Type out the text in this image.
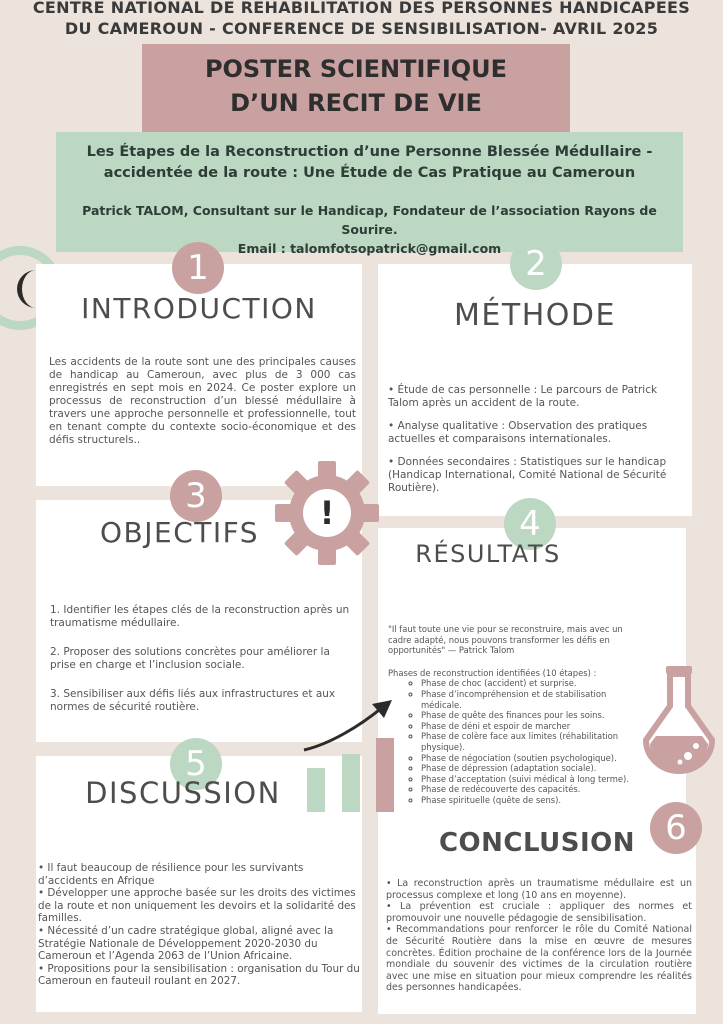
CENTRE NATIONAL DE REHABILITATION DES PERSONNES HANDICAPEES
DU CAMEROUN - CONFERENCE DE SENSIBILISATION- AVRIL 2025
POSTER SCIENTIFIQUE
D’UN RECIT DE VIE
Les Étapes de la Reconstruction d’une Personne Blessée Médullaire -
accidentée de la route : Une Étude de Cas Pratique au Cameroun
Patrick TALOM, Consultant sur le Handicap, Fondateur de l’association Rayons de Sourire.
Email : talomfotsopatrick@gmail.com
1
INTRODUCTION
Les accidents de la route sont une des principales causes de handicap au Cameroun, avec plus de 3 000 cas enregistrés en sept mois en 2024. Ce poster explore un processus de reconstruction d’un blessé médullaire à travers une approche personnelle et professionnelle, tout en tenant compte du contexte socio-économique et des défis structurels..
2
MÉTHODE

• Étude de cas personnelle : Le parcours de Patrick Talom après un accident de la route.

• Analyse qualitative : Observation des pratiques actuelles et comparaisons internationales.

• Données secondaires : Statistiques sur le handicap (Handicap International, Comité National de Sécurité Routière).

3
OBJECTIFS

1. Identifier les étapes clés de la reconstruction après un traumatisme médullaire.

2. Proposer des solutions concrètes pour améliorer la prise en charge et l’inclusion sociale.

3. Sensibiliser aux défis liés aux infrastructures et aux normes de sécurité routière.

!	4
RÉSULTATS
"Il faut toute une vie pour se reconstruire, mais avec un cadre adapté, nous pouvons transformer les défis en opportunités" — Patrick Talom
Phases de reconstruction identifiées (10 étapes) :
◦ Phase de choc (accident) et surprise.
◦ Phase d’incompréhension et de stabilisation médicale.
◦ Phase de quête des finances pour les soins.
◦ Phase de déni et espoir de marcher
◦ Phase de colère face aux limites (réhabilitation physique).
◦ Phase de négociation (soutien psychologique).
◦ Phase de dépression (adaptation sociale).
◦ Phase d’acceptation (suivi médical à long terme).
◦ Phase de redécouverte des capacités.
◦ Phase spirituelle (quête de sens).
5
DISCUSSION
• Il faut beaucoup de résilience pour les survivants d’accidents en Afrique
• Développer une approche basée sur les droits des victimes de la route et non uniquement les devoirs et la solidarité des familles.
• Nécessité d’un cadre stratégique global, aligné avec la Stratégie Nationale de Développement 2020-2030 du Cameroun et l’Agenda 2063 de l’Union Africaine.
• Propositions pour la sensibilisation : organisation du Tour du Cameroun en fauteuil roulant en 2027.
6
CONCLUSION
• La reconstruction après un traumatisme médullaire est un processus complexe et long (10 ans en moyenne).
• La prévention est cruciale : appliquer des normes et promouvoir une nouvelle pédagogie de sensibilisation.
• Recommandations pour renforcer le rôle du Comité National de Sécurité Routière dans la mise en œuvre de mesures concrètes. Édition prochaine de la conférence lors de la Journée mondiale du souvenir des victimes de la circulation routière avec une mise en situation pour mieux comprendre les réalités des personnes handicapées.
